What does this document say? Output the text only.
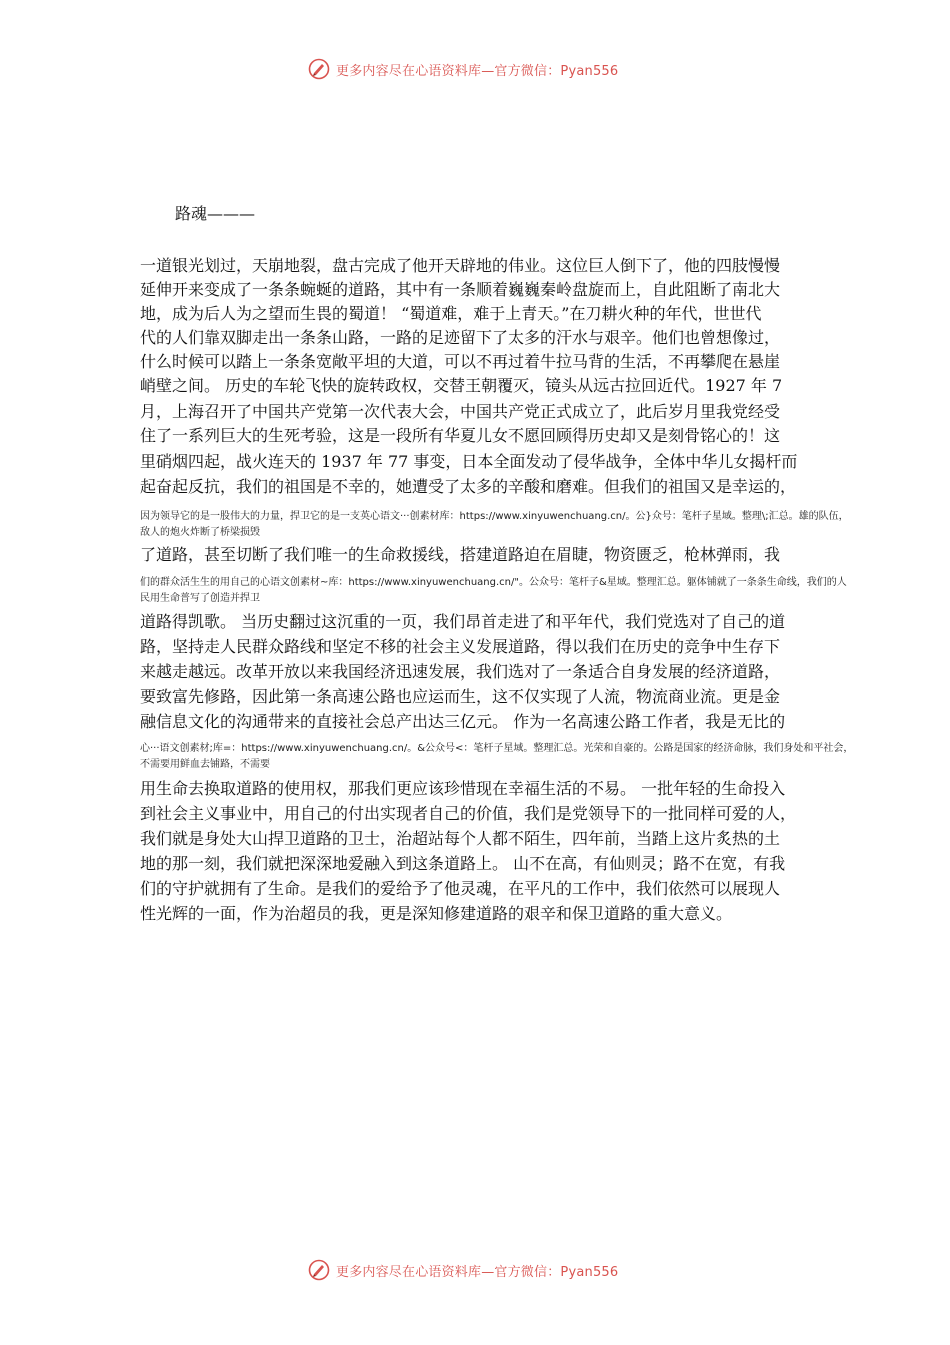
更多内容尽在心语资料库—官方微信：Pyan556
路魂———
一道银光划过，天崩地裂，盘古完成了他开天辟地的伟业。这位巨人倒下了，他的四肢慢慢
延伸开来变成了一条条蜿蜒的道路，其中有一条顺着巍巍秦岭盘旋而上，自此阻断了南北大
地，成为后人为之望而生畏的蜀道！ “蜀道难，难于上青天。”在刀耕火种的年代，世世代
代的人们靠双脚走出一条条山路，一路的足迹留下了太多的汗水与艰辛。他们也曾想像过，
什么时候可以踏上一条条宽敞平坦的大道，可以不再过着牛拉马背的生活，不再攀爬在悬崖
峭壁之间。 历史的车轮飞快的旋转政权，交替王朝覆灭，镜头从远古拉回近代。1927 年 7
月，上海召开了中国共产党第一次代表大会，中国共产党正式成立了，此后岁月里我党经受
住了一系列巨大的生死考验，这是一段所有华夏儿女不愿回顾得历史却又是刻骨铭心的！这
里硝烟四起，战火连天的 1937 年 77 事变，日本全面发动了侵华战争，全体中华儿女揭杆而
起奋起反抗，我们的祖国是不幸的，她遭受了太多的辛酸和磨难。但我们的祖国又是幸运的，
因为领导它的是一股伟大的力量，捍卫它的是一支英心语文···创素材库：https://www.xinyuwenchuang.cn/。公}众号：笔杆子星域。整理\;汇总。雄的队伍，
敌人的炮火炸断了桥梁损毁
了道路，甚至切断了我们唯一的生命救援线，搭建道路迫在眉睫，物资匮乏，枪林弹雨，我
们的群众活生生的用自己的心语文创素材~库：https://www.xinyuwenchuang.cn/"。公众号：笔杆子&星域。整理汇总。躯体铺就了一条条生命线，我们的人
民用生命普写了创造并捍卫
道路得凯歌。 当历史翻过这沉重的一页，我们昂首走进了和平年代，我们党选对了自己的道
路，坚持走人民群众路线和坚定不移的社会主义发展道路，得以我们在历史的竞争中生存下
来越走越远。改革开放以来我国经济迅速发展，我们选对了一条适合自身发展的经济道路，
要致富先修路，因此第一条高速公路也应运而生，这不仅实现了人流，物流商业流。更是金
融信息文化的沟通带来的直接社会总产出达三亿元。 作为一名高速公路工作者，我是无比的
心···语文创素材;库=：https://www.xinyuwenchuang.cn/。&公众号<：笔杆子星域。整理汇总。光荣和自豪的。公路是国家的经济命脉，我们身处和平社会，
不需要用鲜血去铺路，不需要
用生命去换取道路的使用权，那我们更应该珍惜现在幸福生活的不易。 一批年轻的生命投入
到社会主义事业中，用自己的付出实现者自己的价值，我们是党领导下的一批同样可爱的人，
我们就是身处大山捍卫道路的卫士，治超站每个人都不陌生，四年前，当踏上这片炙热的土
地的那一刻，我们就把深深地爱融入到这条道路上。 山不在高，有仙则灵；路不在宽，有我
们的守护就拥有了生命。是我们的爱给予了他灵魂，在平凡的工作中，我们依然可以展现人
性光辉的一面，作为治超员的我，更是深知修建道路的艰辛和保卫道路的重大意义。
更多内容尽在心语资料库—官方微信：Pyan556
